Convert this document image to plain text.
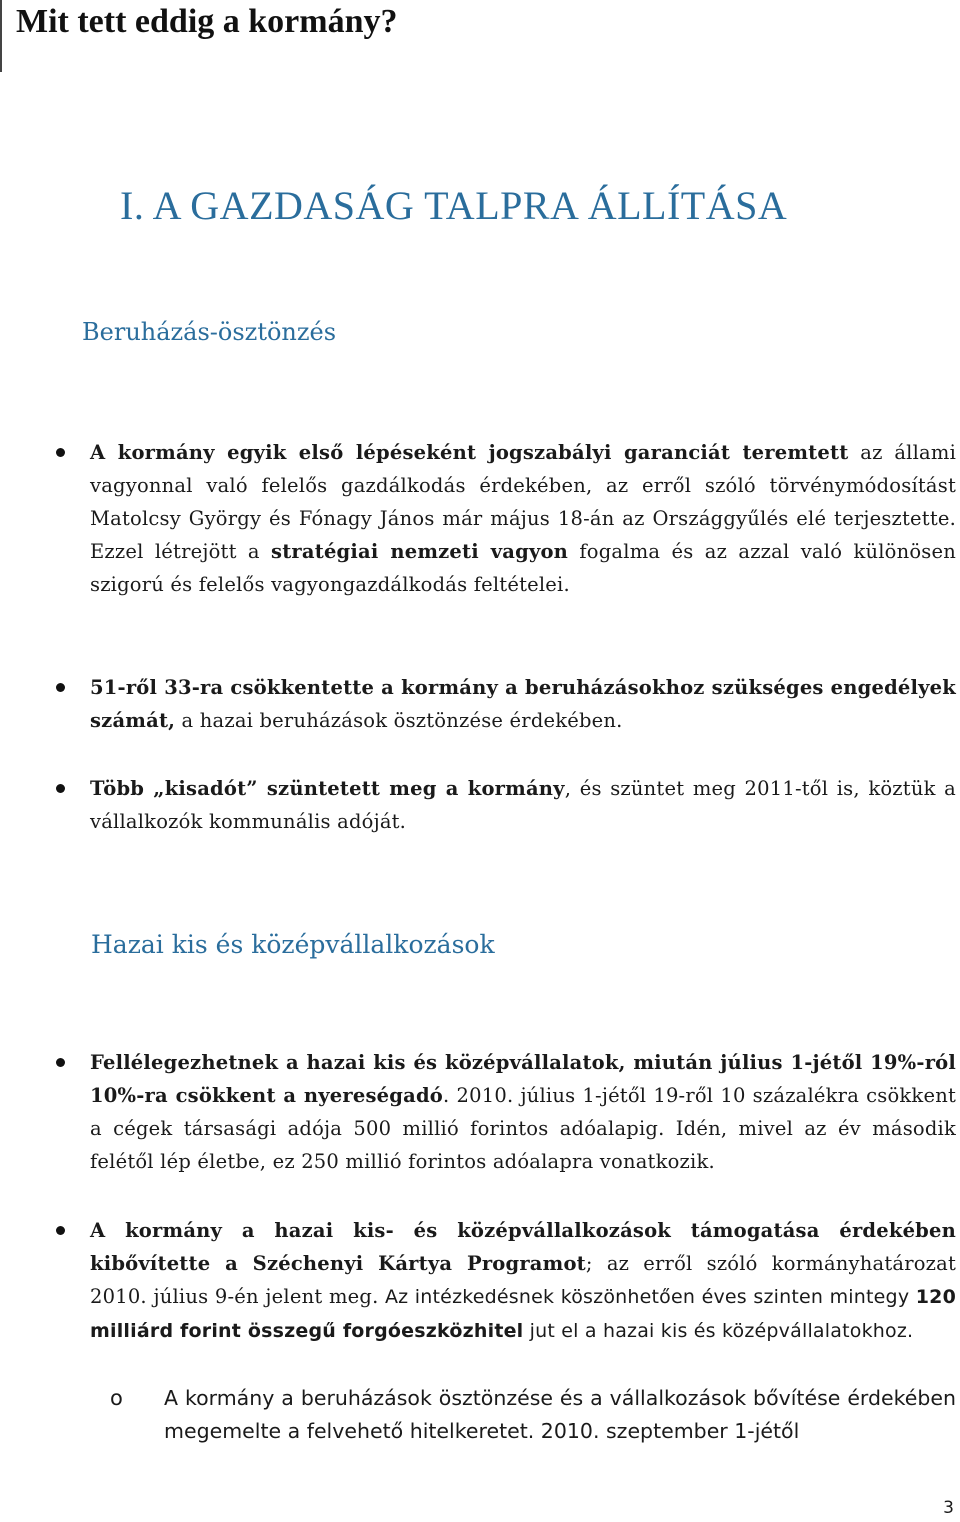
Mit tett eddig a kormány?
I. A GAZDASÁG TALPRA ÁLLÍTÁSA
Beruházás-ösztönzés
A kormány egyik első lépéseként jogszabályi garanciát teremtett az állami vagyonnal való felelős gazdálkodás érdekében, az erről szóló törvénymódosítást Matolcsy György és Fónagy János már május 18-án az Országgyűlés elé terjesztette. Ezzel létrejött a stratégiai nemzeti vagyon fogalma és az azzal való különösen szigorú és felelős vagyongazdálkodás feltételei.
51-ről 33-ra csökkentette a kormány a beruházásokhoz szükséges engedélyek számát, a hazai beruházások ösztönzése érdekében.
Több „kisadót” szüntetett meg a kormány, és szüntet meg 2011-től is, köztük a vállalkozók kommunális adóját.
Hazai kis és középvállalkozások
Fellélegezhetnek a hazai kis és középvállalatok, miután július 1-jétől 19%-ról 10%-ra csökkent a nyereségadó. 2010. július 1-jétől 19-ről 10 százalékra csökkent a cégek társasági adója 500 millió forintos adóalapig. Idén, mivel az év második felétől lép életbe, ez 250 millió forintos adóalapra vonatkozik.
A kormány a hazai kis- és középvállalkozások támogatása érdekében kibővítette a Széchenyi Kártya Programot; az erről szóló kormányhatározat 2010. július 9-én jelent meg. Az intézkedésnek köszönhetően éves szinten mintegy 120 milliárd forint összegű forgóeszközhitel jut el a hazai kis és középvállalatokhoz.
o A kormány a beruházások ösztönzése és a vállalkozások bővítése érdekében megemelte a felvehető hitelkeretet. 2010. szeptember 1-jétől
3
